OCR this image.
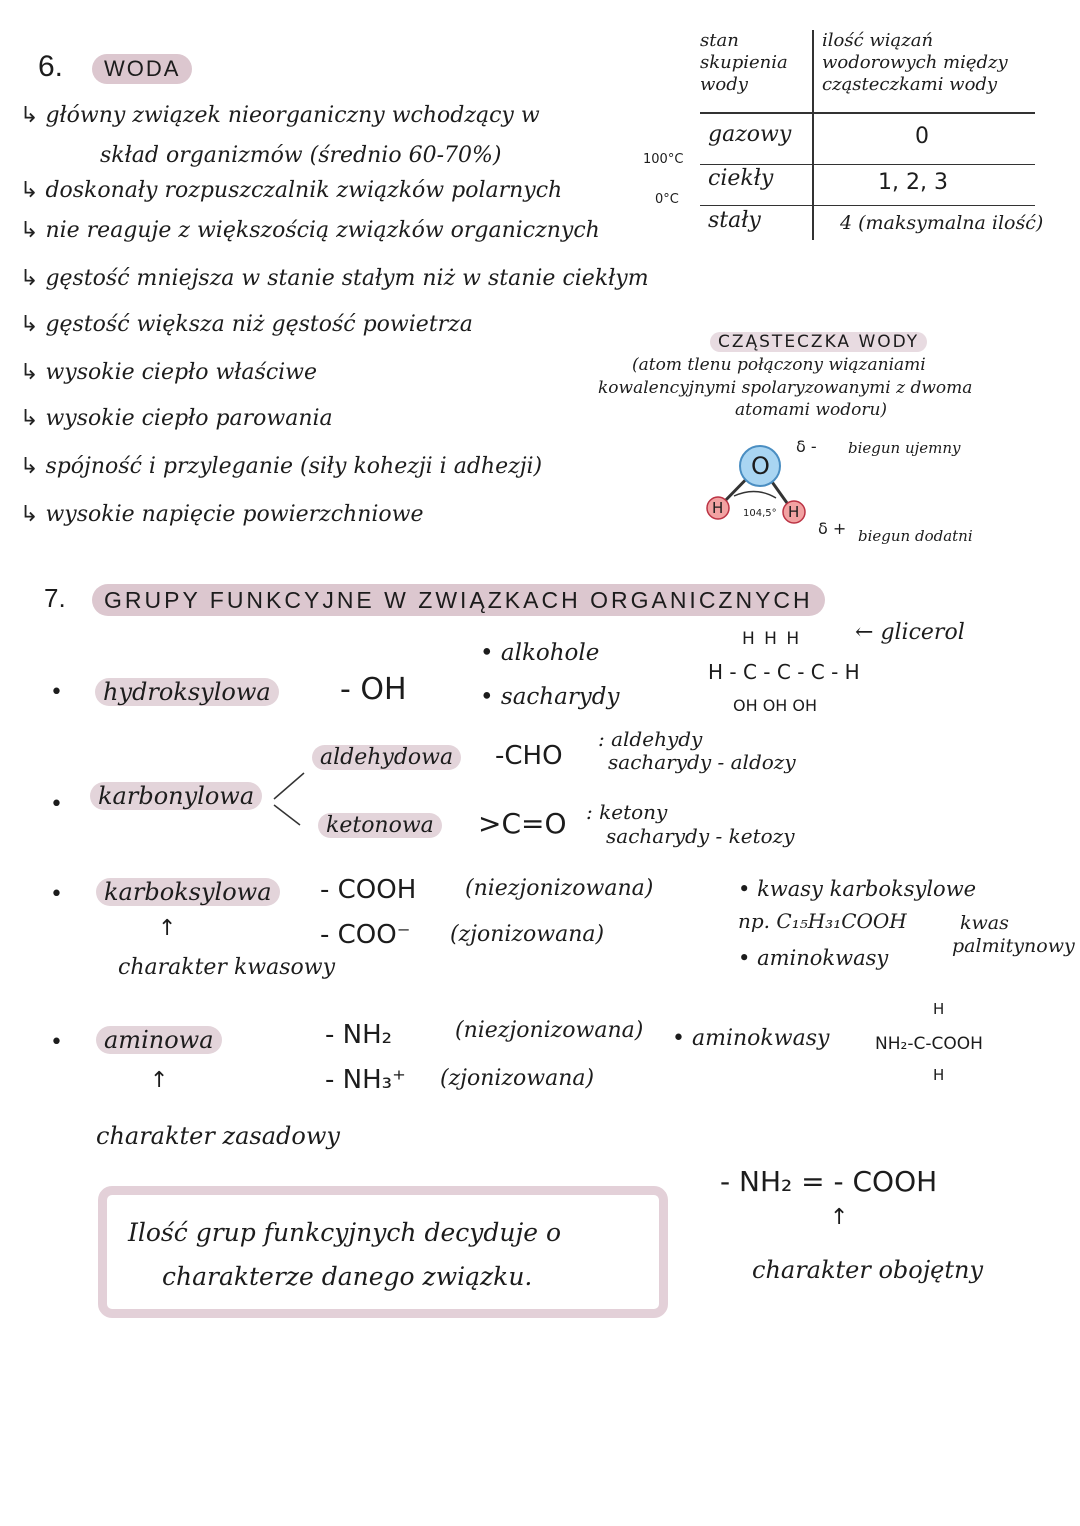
6.	WODA
↳ główny związek nieorganiczny wchodzący w
skład organizmów (średnio 60-70%)
↳ doskonały rozpuszczalnik związków polarnych
↳ nie reaguje z większością związków organicznych
↳ gęstość mniejsza w stanie stałym niż w stanie ciekłym
↳ gęstość większa niż gęstość powietrza
↳ wysokie ciepło właściwe
↳ wysokie ciepło parowania
↳ spójność i przyleganie (siły kohezji i adhezji)
↳ wysokie napięcie powierzchniowe
stan skupienia wody
ilość wiązań wodorowych między cząsteczkami wody
gazowy	0
ciekły	1, 2, 3
stały	4 (maksymalna ilość)
100°C
0°C
CZĄSTECZKA WODY
(atom tlenu połączony wiązaniami
kowalencyjnymi spolaryzowanymi z dwoma
atomami wodoru)
O
H	H
104,5°
δ -
δ +
biegun ujemny
biegun dodatni
7.	GRUPY FUNKCYJNE W ZWIĄZKACH ORGANICZNYCH
•	hydroksylowa - OH
• alkohole
• sacharydy
H H H
H - C - C - C - H
OH OH OH
← glicerol
•	karbonylowa
aldehydowa	-CHO
: aldehydy
sacharydy - aldozy
ketonowa >C=O : ketony
sacharydy - ketozy
•	karboksylowa	- COOH (niezjonizowana)
- COO⁻ (zjonizowana)
↑
charakter kwasowy
• kwasy karboksylowe
np. C₁₅H₃₁COOH	kwas
palmitynowy
• aminokwasy
•	aminowa	- NH₂	(niezjonizowana)
- NH₃⁺ (zjonizowana)
↑
charakter zasadowy
• aminokwasy
H
NH₂-C-COOH
H
Ilość grup funkcyjnych decyduje o
charakterze danego związku.
- NH₂ = - COOH
↑
charakter obojętny
